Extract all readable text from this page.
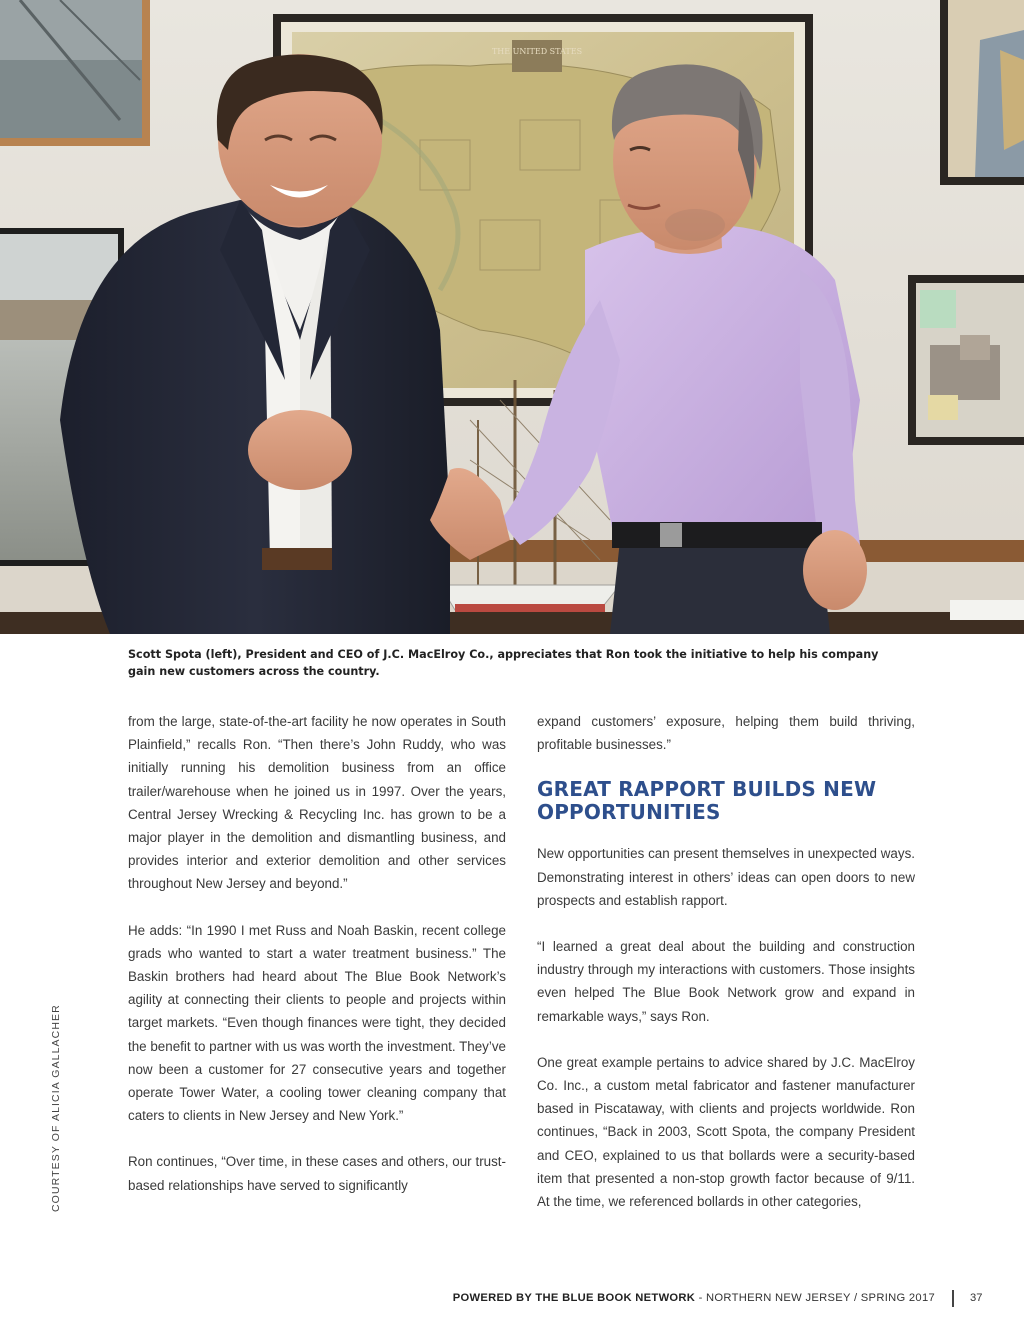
THE UNITED STATES
Scott Spota (left), President and CEO of J.C. MacElroy Co., appreciates that Ron took the initiative to help his company gain new customers across the country.

from the large, state-of-the-art facility he now operates in South Plainfield,” recalls Ron. “Then there’s John Ruddy, who was initially running his demolition business from an office trailer/warehouse when he joined us in 1997. Over the years, Central Jersey Wrecking & Recycling Inc. has grown to be a major player in the demolition and dismantling business, and provides interior and exterior demolition and other services throughout New Jersey and beyond.”

He adds: “In 1990 I met Russ and Noah Baskin, recent college grads who wanted to start a water treatment business.” The Baskin brothers had heard about The Blue Book Network’s agility at connecting their clients to people and projects within target markets. “Even though finances were tight, they decided the benefit to partner with us was worth the investment. They’ve now been a customer for 27 consecutive years and together operate Tower Water, a cooling tower cleaning company that caters to clients in New Jersey and New York.”

Ron continues, “Over time, in these cases and others, our trust-based relationships have served to significantly

expand customers’ exposure, helping them build thriving, profitable businesses.”

GREAT RAPPORT BUILDS NEW OPPORTUNITIES

New opportunities can present themselves in unexpected ways. Demonstrating interest in others’ ideas can open doors to new prospects and establish rapport.

“I learned a great deal about the building and construction industry through my interactions with customers. Those insights even helped The Blue Book Network grow and expand in remarkable ways,” says Ron.

One great example pertains to advice shared by J.C. MacElroy Co. Inc., a custom metal fabricator and fastener manufacturer based in Piscataway, with clients and projects worldwide. Ron continues, “Back in 2003, Scott Spota, the company President and CEO, explained to us that bollards were a security-based item that presented a non-stop growth factor because of 9/11. At the time, we referenced bollards in other categories,

COURTESY OF ALICIA GALLACHER
POWERED BY THE BLUE BOOK NETWORK - NORTHERN NEW JERSEY / SPRING 2017	37
